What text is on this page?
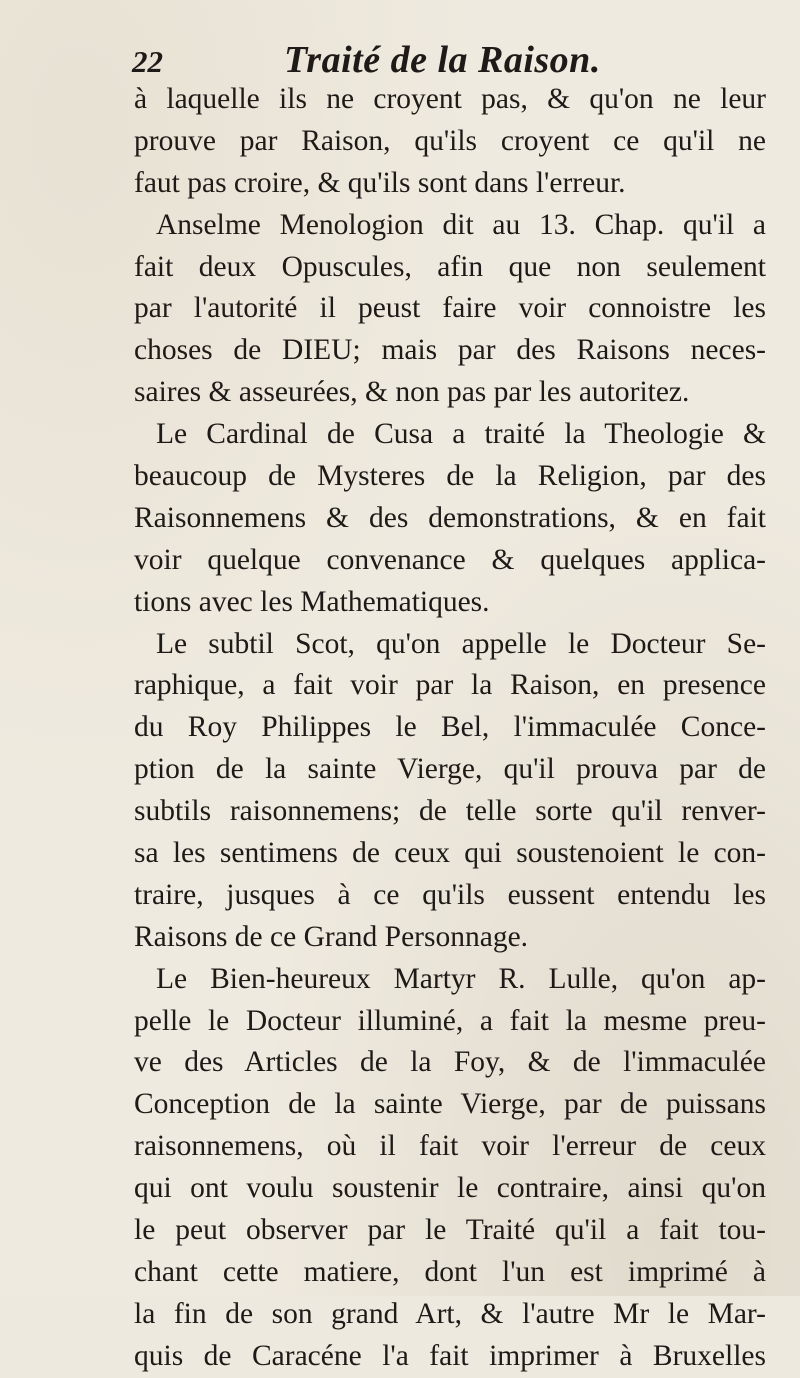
22	Traité de la Raison.
à laquelle ils ne croyent pas, & qu'on ne leur
prouve par Raison, qu'ils croyent ce qu'il ne
faut pas croire, & qu'ils sont dans l'erreur.
Anselme Menologion dit au 13. Chap. qu'il a
fait deux Opuscules, afin que non seulement
par l'autorité il peust faire voir connoistre les
choses de DIEU; mais par des Raisons neces-
saires & asseurées, & non pas par les autoritez.
Le Cardinal de Cusa a traité la Theologie &
beaucoup de Mysteres de la Religion, par des
Raisonnemens & des demonstrations, & en fait
voir quelque convenance & quelques applica-
tions avec les Mathematiques.
Le subtil Scot, qu'on appelle le Docteur Se-
raphique, a fait voir par la Raison, en presence
du Roy Philippes le Bel, l'immaculée Conce-
ption de la sainte Vierge, qu'il prouva par de
subtils raisonnemens; de telle sorte qu'il renver-
sa les sentimens de ceux qui soustenoient le con-
traire, jusques à ce qu'ils eussent entendu les
Raisons de ce Grand Personnage.
Le Bien-heureux Martyr R. Lulle, qu'on ap-
pelle le Docteur illuminé, a fait la mesme preu-
ve des Articles de la Foy, & de l'immaculée
Conception de la sainte Vierge, par de puissans
raisonnemens, où il fait voir l'erreur de ceux
qui ont voulu soustenir le contraire, ainsi qu'on
le peut observer par le Traité qu'il a fait tou-
chant cette matiere, dont l'un est imprimé à
la fin de son grand Art, & l'autre Mr le Mar-
quis de Caracéne l'a fait imprimer à Bruxelles
